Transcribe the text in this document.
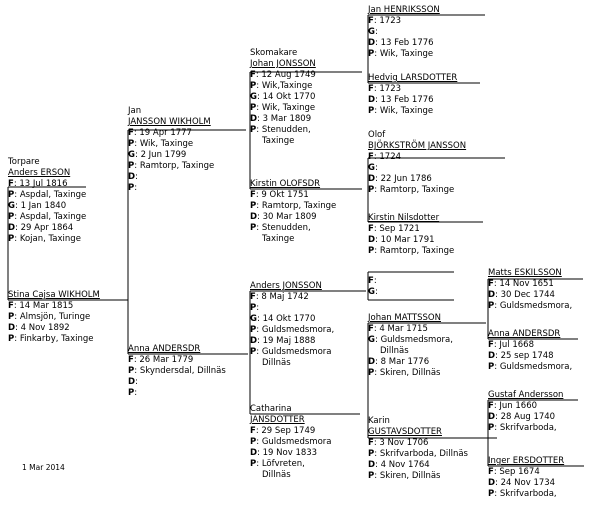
Torpare
Anders ERSON
F: 13 Jul 1816
P: Aspdal, Taxinge
G: 1 Jan 1840
P: Aspdal, Taxinge
D: 29 Apr 1864
P: Kojan, Taxinge
Stina Cajsa WIKHOLM
F: 14 Mar 1815
P: Almsjön, Turinge
D: 4 Nov 1892
P: Finkarby, Taxinge
Jan
JANSSON WIKHOLM
F: 19 Apr 1777
P: Wik, Taxinge
G: 2 Jun 1799
P: Ramtorp, Taxinge
D:
P:
Anna ANDERSDR
F: 26 Mar 1779
P: Skyndersdal, Dillnäs
D:
P:
Skomakare
Johan JONSSON
F: 12 Aug 1749
P: Wik,Taxinge
G: 14 Okt 1770
P: Wik, Taxinge
D: 3 Mar 1809
P: Stenudden,
Taxinge
Kirstin OLOFSDR
F: 9 Okt 1751
P: Ramtorp, Taxinge
D: 30 Mar 1809
P: Stenudden,
Taxinge
Anders JONSSON
F: 8 Maj 1742
P:
G: 14 Okt 1770
P: Guldsmedsmora,
D: 19 Maj 1888
P: Guldsmedsmora
Dillnäs
Catharina
JANSDOTTER
F: 29 Sep 1749
P: Guldsmedsmora
D: 19 Nov 1833
P: Löfvreten,
Dillnäs
Jan HENRIKSSON
F: 1723
G:
D: 13 Feb 1776
P: Wik, Taxinge
Hedvig LARSDOTTER
F: 1723
D: 13 Feb 1776
P: Wik, Taxinge
Olof
BJÖRKSTRÖM JANSSON
F: 1724
G:
D: 22 Jun 1786
P: Ramtorp, Taxinge
Kirstin Nilsdotter
F: Sep 1721
D: 10 Mar 1791
P: Ramtorp, Taxinge
F:
G:
Johan MATTSSON
F: 4 Mar 1715
G: Guldsmedsmora,
Dillnäs
D: 8 Mar 1776
P: Skiren, Dillnäs
Karin
GUSTAVSDOTTER
F: 3 Nov 1706
P: Skrifvarboda, Dillnäs
D: 4 Nov 1764
P: Skiren, Dillnäs
Matts ESKILSSON
F: 14 Nov 1651
D: 30 Dec 1744
P: Guldsmedsmora,
Anna ANDERSDR
F: Jul 1668
D: 25 sep 1748
P: Guldsmedsmora,
Gustaf Andersson
F: Jun 1660
D: 28 Aug 1740
P: Skrifvarboda,
Inger ERSDOTTER
F: Sep 1674
D: 24 Nov 1734
P: Skrifvarboda,
1 Mar 2014
